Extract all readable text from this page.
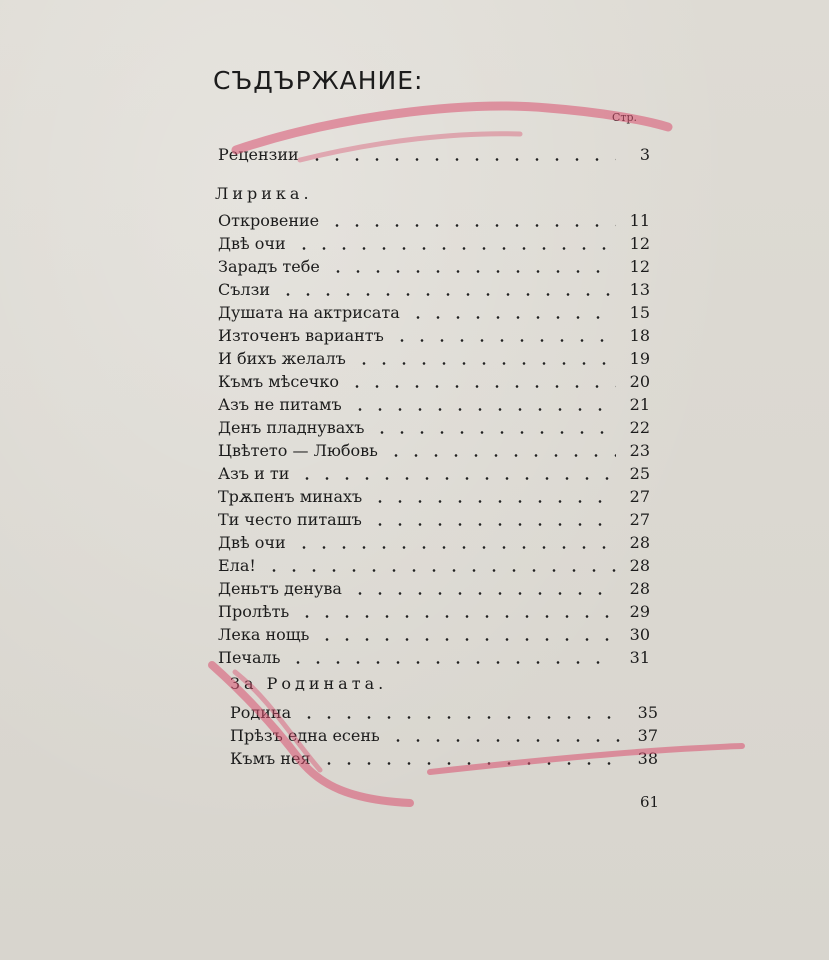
СЪДЪРЖАНИЕ:
Стр.
Рецензии	3
Лирика.
Откровение	11
Двѣ очи	12
Зарадъ тебе	12
Сълзи	13
Душата на актрисата	15
Източенъ вариантъ	18
И бихъ желалъ	19
Къмъ мѣсечко	20
Азъ не питамъ	21
Денъ пладнувахъ	22
Цвѣтето — Любовь	23
Азъ и ти	25
Трѫпенъ минахъ	27
Ти често питашъ	27
Двѣ очи	28
Ела!	28
Деньтъ денува	28
Пролѣть	29
Лека нощь	30
Печаль	31
За Родината.
Родина	35
Прѣзъ една есень	37
Къмъ нея	38
61
